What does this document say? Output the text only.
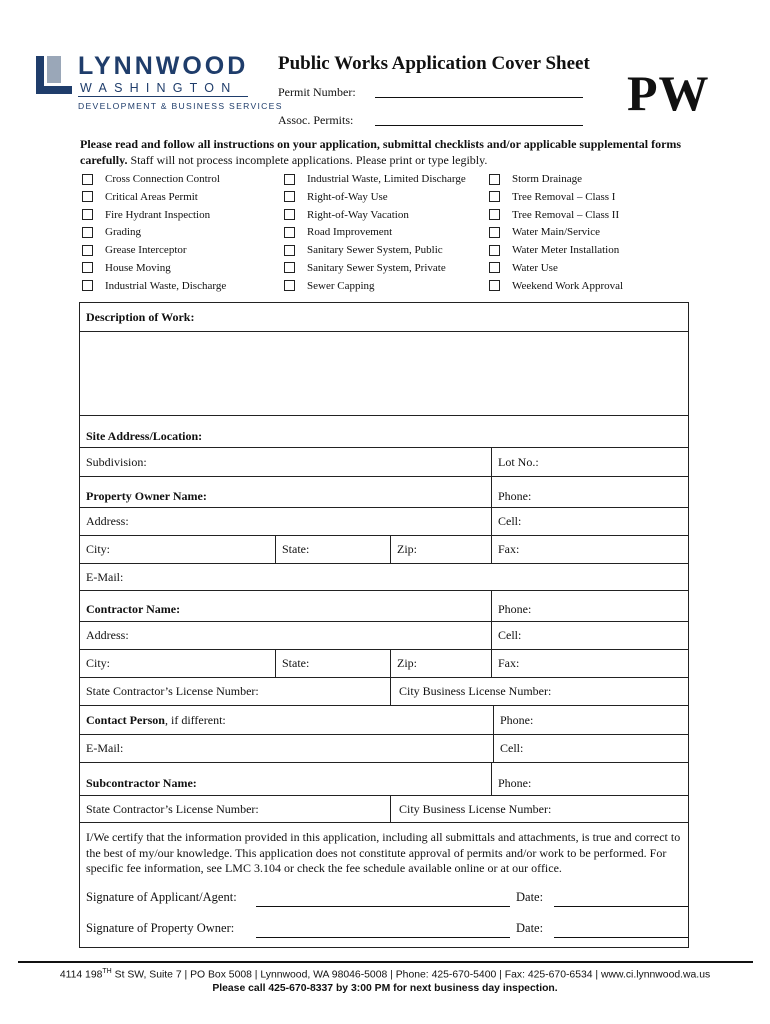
LYNNWOOD
WASHINGTON
DEVELOPMENT & BUSINESS SERVICES
Public Works Application Cover Sheet
PW
Permit Number:
Assoc. Permits:
Please read and follow all instructions on your application, submittal checklists and/or applicable supplemental forms carefully. Staff will not process incomplete applications. Please print or type legibly.
Cross Connection Control
Critical Areas Permit
Fire Hydrant Inspection
Grading
Grease Interceptor
House Moving
Industrial Waste, Discharge
Industrial Waste, Limited Discharge
Right-of-Way Use
Right-of-Way Vacation
Road Improvement
Sanitary Sewer System, Public
Sanitary Sewer System, Private
Sewer Capping
Storm Drainage
Tree Removal – Class I
Tree Removal – Class II
Water Main/Service
Water Meter Installation
Water Use
Weekend Work Approval
Description of Work:
Site Address/Location:
Subdivision:	Lot No.:
Property Owner Name:	Phone:
Address:	Cell:
City:	State:	Zip:	Fax:
E-Mail:
Contractor Name:	Phone:
Address:	Cell:
City:	State:	Zip:	Fax:
State Contractor’s License Number:	City Business License Number:
Contact Person , if different:	Phone:
E-Mail:	Cell:
Subcontractor Name:	Phone:
State Contractor’s License Number:	City Business License Number:
I/We certify that the information provided in this application, including all submittals and attachments, is true and correct to the best of my/our knowledge. This application does not constitute approval of permits and/or work to be performed. For specific fee information, see LMC 3.104 or check the fee schedule available online or at our office.
Signature of Applicant/Agent:	Date:
Signature of Property Owner:	Date:
4114 198TH St SW, Suite 7 | PO Box 5008 | Lynnwood, WA 98046-5008 | Phone: 425-670-5400 | Fax: 425-670-6534 | www.ci.lynnwood.wa.us
Please call 425-670-8337 by 3:00 PM for next business day inspection.
